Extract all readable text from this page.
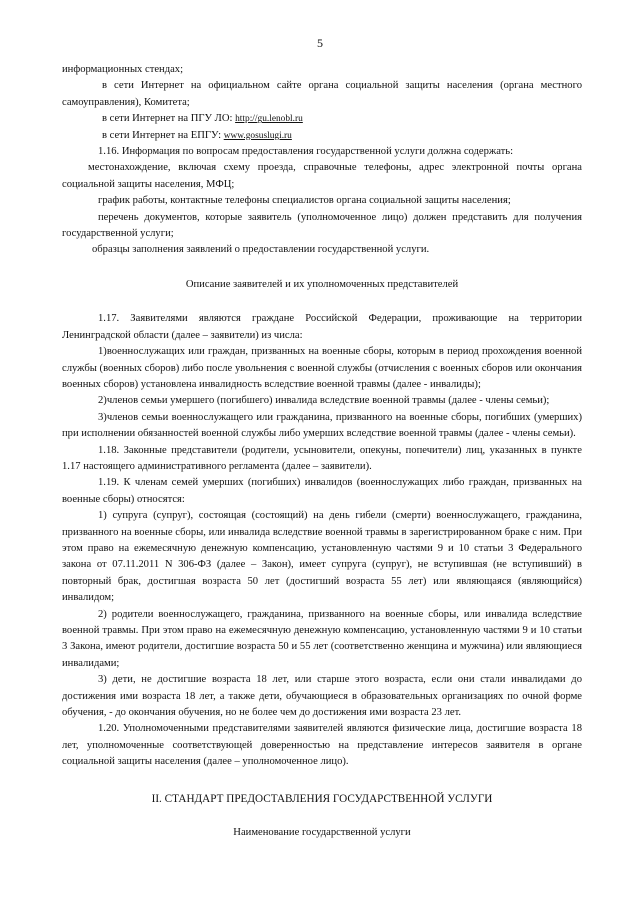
5

информационных стендах;

в сети Интернет на официальном сайте органа социальной защиты населения (органа местного самоуправления), Комитета;

в сети Интернет на ПГУ ЛО: http://gu.lenobl.ru

в сети Интернет на ЕПГУ: www.gosuslugi.ru

1.16. Информация по вопросам предоставления государственной услуги должна содержать:

местонахождение, включая схему проезда, справочные телефоны, адрес электронной почты органа социальной защиты населения, МФЦ;

график работы, контактные телефоны специалистов органа социальной защиты населения;

перечень документов, которые заявитель (уполномоченное лицо) должен представить для получения государственной услуги;

образцы заполнения заявлений о предоставлении государственной услуги.

Описание заявителей и их уполномоченных представителей

1.17. Заявителями являются граждане Российской Федерации, проживающие на территории Ленинградской области (далее – заявители) из числа:

1)военнослужащих или граждан, призванных на военные сборы, которым в период прохождения военной службы (военных сборов) либо после увольнения с военной службы (отчисления с военных сборов или окончания военных сборов) установлена инвалидность вследствие военной травмы (далее - инвалиды);

2)членов семьи умершего (погибшего) инвалида вследствие военной травмы (далее - члены семьи);

3)членов семьи военнослужащего или гражданина, призванного на военные сборы, погибших (умерших) при исполнении обязанностей военной службы либо умерших вследствие военной травмы (далее - члены семьи).

1.18. Законные представители (родители, усыновители, опекуны, попечители) лиц, указанных в пункте 1.17 настоящего административного регламента (далее – заявители).

1.19. К членам семей умерших (погибших) инвалидов (военнослужащих либо граждан, призванных на военные сборы) относятся:

1) супруга (супруг), состоящая (состоящий) на день гибели (смерти) военнослужащего, гражданина, призванного на военные сборы, или инвалида вследствие военной травмы в зарегистрированном браке с ним. При этом право на ежемесячную денежную компенсацию, установленную частями 9 и 10 статьи 3 Федерального закона от 07.11.2011 N 306-ФЗ (далее – Закон), имеет супруга (супруг), не вступившая (не вступивший) в повторный брак, достигшая возраста 50 лет (достигший возраста 55 лет) или являющаяся (являющийся) инвалидом;

2) родители военнослужащего, гражданина, призванного на военные сборы, или инвалида вследствие военной травмы. При этом право на ежемесячную денежную компенсацию, установленную частями 9 и 10 статьи 3 Закона, имеют родители, достигшие возраста 50 и 55 лет (соответственно женщина и мужчина) или являющиеся инвалидами;

3) дети, не достигшие возраста 18 лет, или старше этого возраста, если они стали инвалидами до достижения ими возраста 18 лет, а также дети, обучающиеся в образовательных организациях по очной форме обучения, - до окончания обучения, но не более чем до достижения ими возраста 23 лет.

1.20. Уполномоченными представителями заявителей являются физические лица, достигшие возраста 18 лет, уполномоченные соответствующей доверенностью на представление интересов заявителя в органе социальной защиты населения (далее – уполномоченное лицо).

II. СТАНДАРТ ПРЕДОСТАВЛЕНИЯ ГОСУДАРСТВЕННОЙ УСЛУГИ

Наименование государственной услуги
